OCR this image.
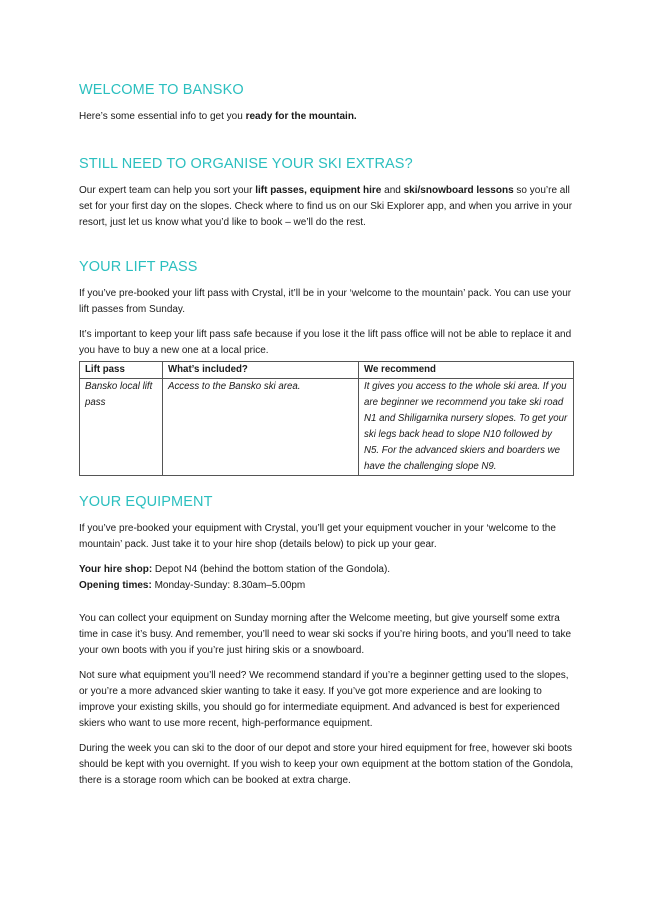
WELCOME TO BANSKO

Here’s some essential info to get you ready for the mountain.

STILL NEED TO ORGANISE YOUR SKI EXTRAS?

Our expert team can help you sort your lift passes, equipment hire and ski/snowboard lessons so you’re all set for your first day on the slopes. Check where to find us on our Ski Explorer app, and when you arrive in your resort, just let us know what you’d like to book – we’ll do the rest.

YOUR LIFT PASS

If you’ve pre-booked your lift pass with Crystal, it’ll be in your ‘welcome to the mountain’ pack. You can use your lift passes from Sunday.

It’s important to keep your lift pass safe because if you lose it the lift pass office will not be able to replace it and you have to buy a new one at a local price.

Lift pass	What’s included?	We recommend
Bansko local lift pass	Access to the Bansko ski area.	It gives you access to the whole ski area. If you are beginner we recommend you take ski road N1 and Shiligarnika nursery slopes. To get your ski legs back head to slope N10 followed by N5. For the advanced skiers and boarders we have the challenging slope N9.
YOUR EQUIPMENT

If you’ve pre-booked your equipment with Crystal, you’ll get your equipment voucher in your ‘welcome to the mountain’ pack. Just take it to your hire shop (details below) to pick up your gear.

Your hire shop: Depot N4 (behind the bottom station of the Gondola).

Opening times: Monday-Sunday: 8.30am–5.00pm

You can collect your equipment on Sunday morning after the Welcome meeting, but give yourself some extra time in case it’s busy. And remember, you’ll need to wear ski socks if you’re hiring boots, and you’ll need to take your own boots with you if you’re just hiring skis or a snowboard.

Not sure what equipment you’ll need? We recommend standard if you’re a beginner getting used to the slopes, or you’re a more advanced skier wanting to take it easy. If you’ve got more experience and are looking to improve your existing skills, you should go for intermediate equipment. And advanced is best for experienced skiers who want to use more recent, high-performance equipment.

During the week you can ski to the door of our depot and store your hired equipment for free, however ski boots should be kept with you overnight. If you wish to keep your own equipment at the bottom station of the Gondola, there is a storage room which can be booked at extra charge.
